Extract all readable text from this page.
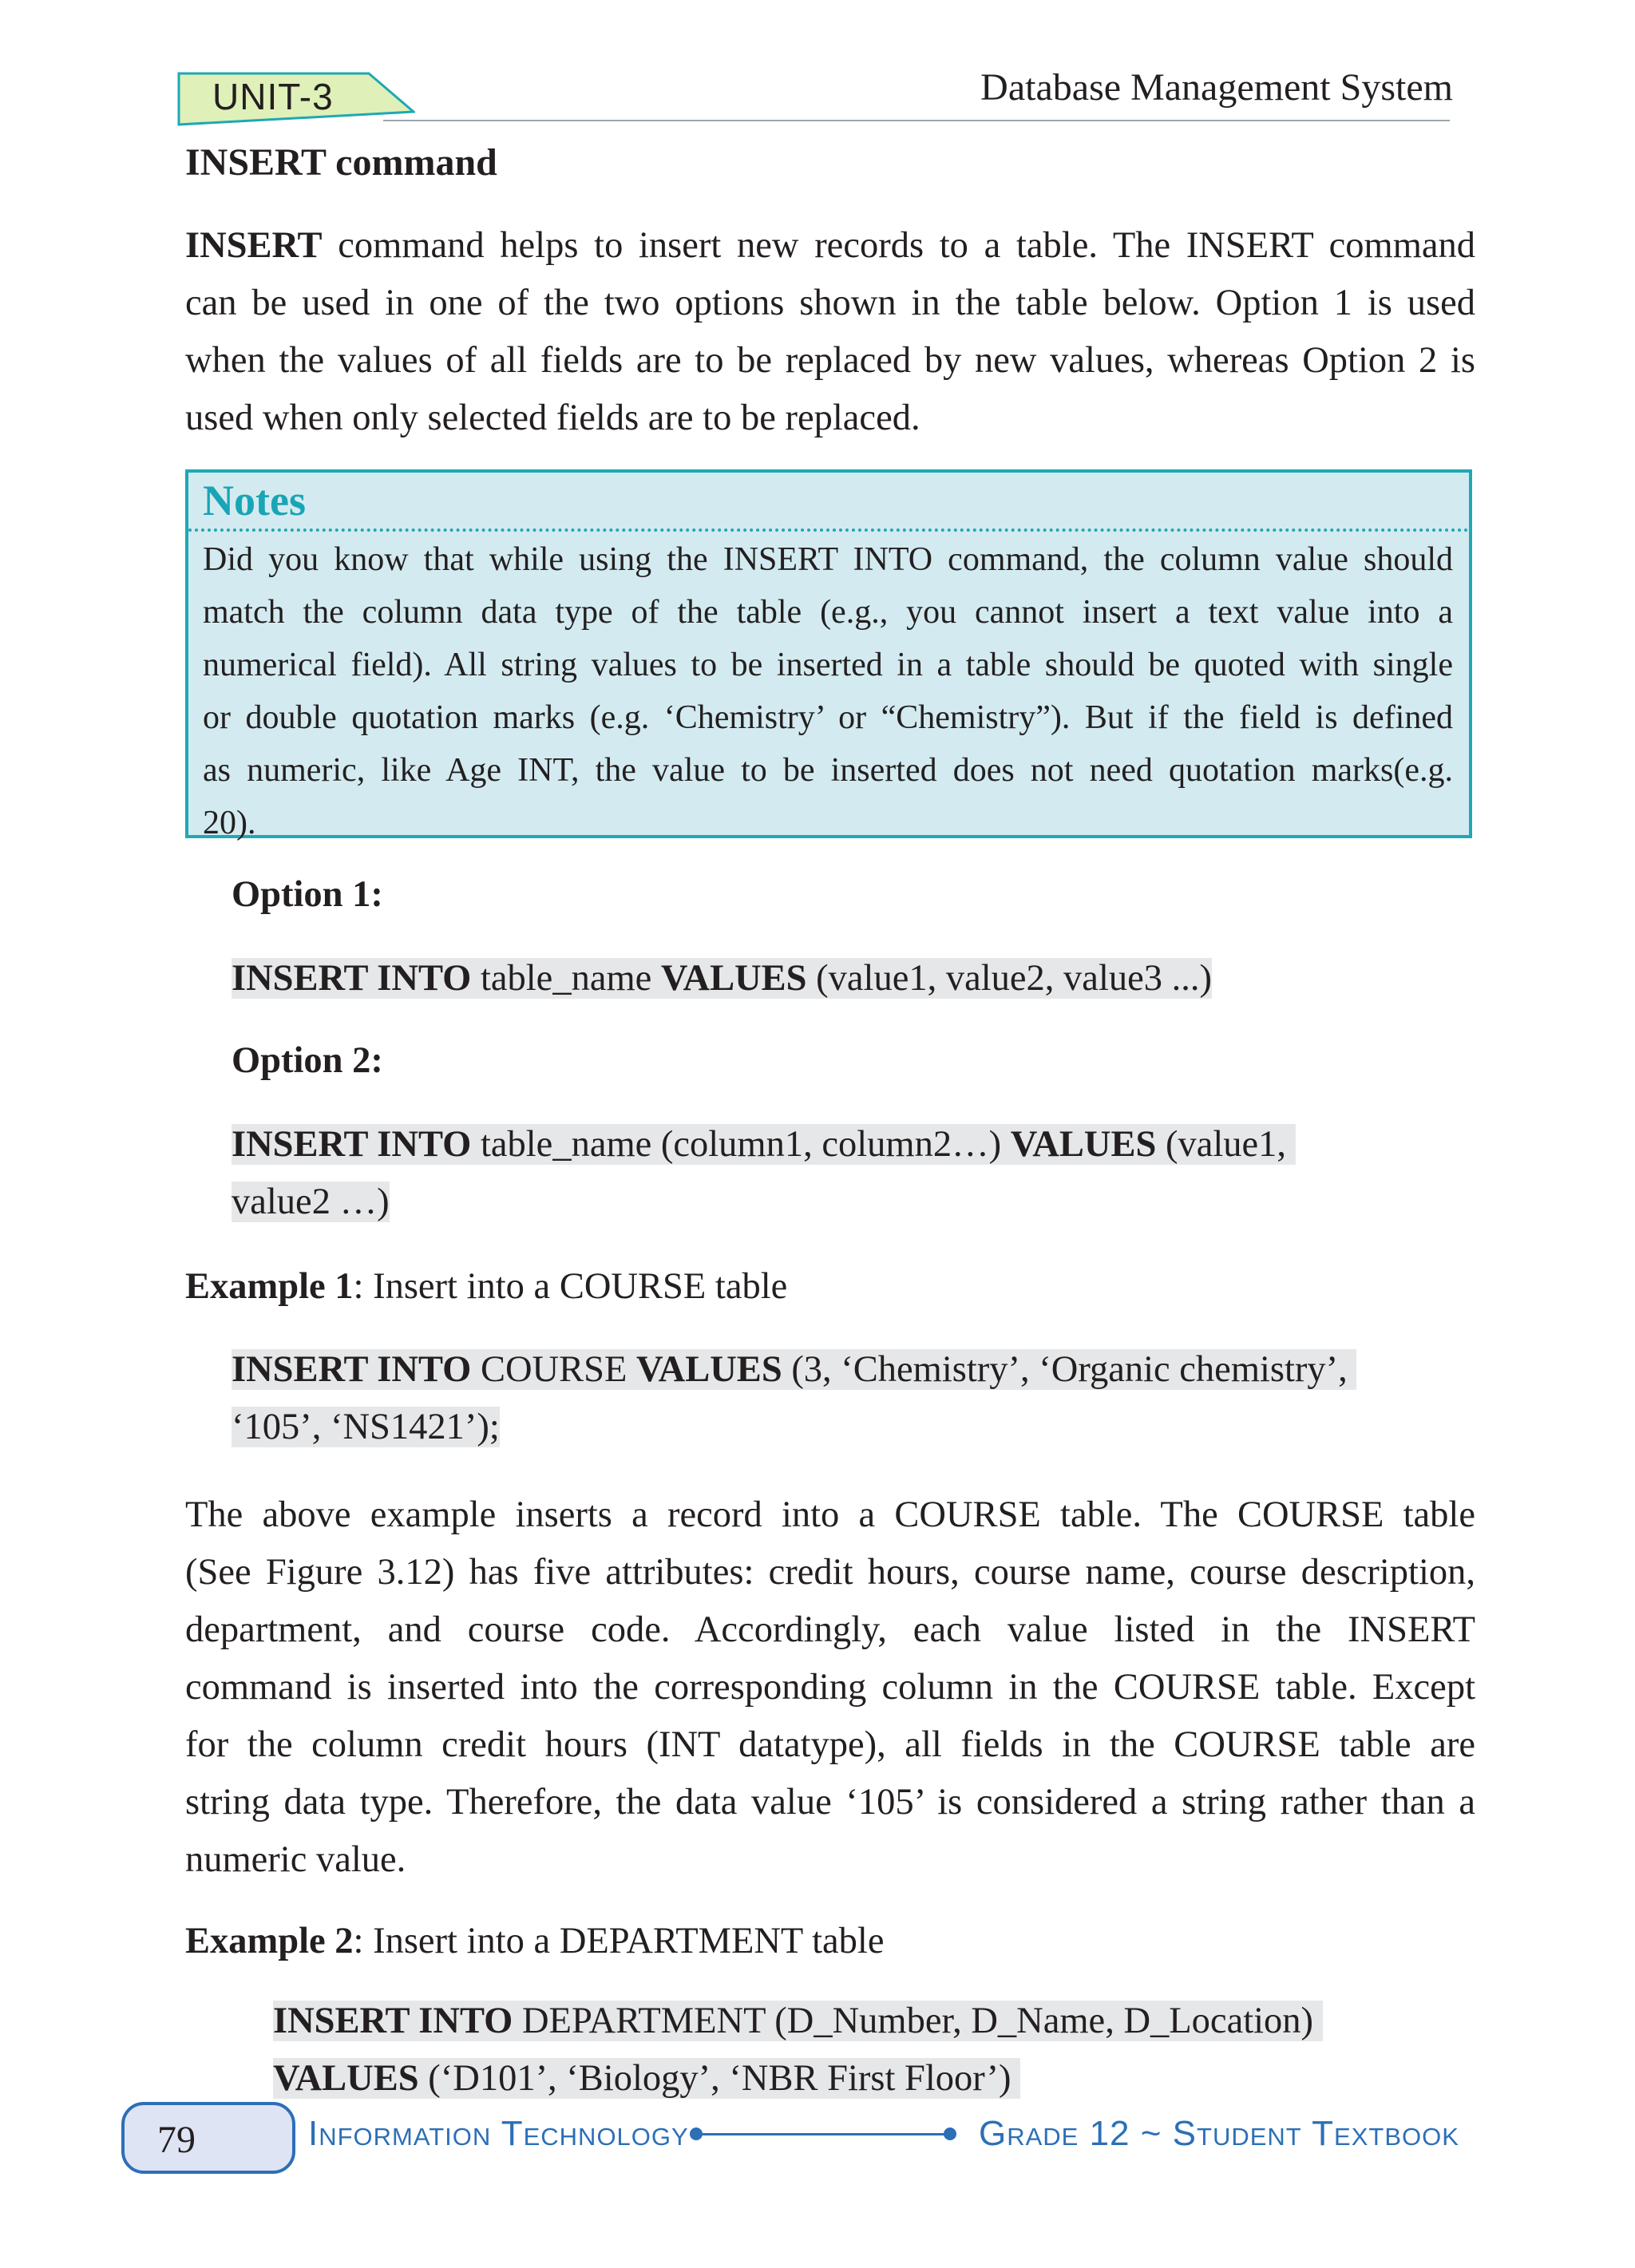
UNIT-3	Database Management System
INSERT command
INSERT command helps to insert new records to a table. The INSERT command
can be used in one of the two options shown in the table below. Option 1 is used
when the values of all fields are to be replaced by new values, whereas Option 2 is
used when only selected fields are to be replaced.
Notes
Did you know that while using the INSERT INTO command, the column value should
match the column data type of the table (e.g., you cannot insert a text value into a
numerical field). All string values to be inserted in a table should be quoted with single
or double quotation marks (e.g. ‘Chemistry’ or “Chemistry”). But if the field is defined
as numeric, like Age INT, the value to be inserted does not need quotation marks(e.g.
20).
Option 1:
INSERT INTO table_name VALUES (value1, value2, value3 ...)
Option 2:
INSERT INTO table_name (column1, column2…) VALUES (value1,
value2 …)
Example 1: Insert into a COURSE table
INSERT INTO COURSE VALUES (3, ‘Chemistry’, ‘Organic chemistry’,
‘105’, ‘NS1421’);
The above example inserts a record into a COURSE table. The COURSE table
(See Figure 3.12) has five attributes: credit hours, course name, course description,
department, and course code. Accordingly, each value listed in the INSERT
command is inserted into the corresponding column in the COURSE table. Except
for the column credit hours (INT datatype), all fields in the COURSE table are
string data type. Therefore, the data value ‘105’ is considered a string rather than a
numeric value.
Example 2: Insert into a DEPARTMENT table
INSERT INTO DEPARTMENT (D_Number, D_Name, D_Location)
VALUES (‘D101’, ‘Biology’, ‘NBR First Floor’)
79	Information Technology	Grade 12 ~ Student Textbook
